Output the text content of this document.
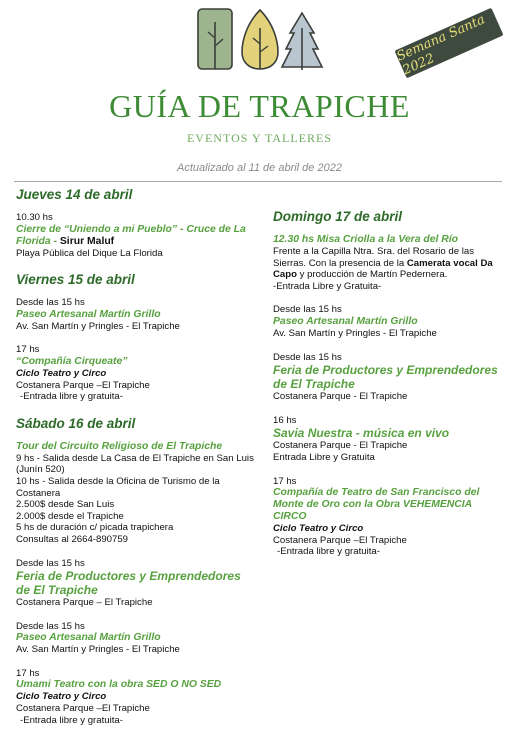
Semana Santa 2022
GUÍA DE TRAPICHE
EVENTOS Y TALLERES
Actualizado al 11 de abril de 2022
Jueves 14 de abril
10.30 hs
Cierre de “Uniendo a mi Pueblo” - Cruce de La Florida - Sirur Maluf
Playa Pública del Dique La Florida
Viernes 15 de abril
Desde las 15 hs
Paseo Artesanal Martín Grillo
Av. San Martín y Pringles - El Trapiche
17 hs
“Compañía Cirqueate”
Ciclo Teatro y Circo
Costanera Parque –El Trapiche
-Entrada libre y gratuita-
Sábado 16 de abril
Tour del Circuito Religioso de El Trapiche
9 hs - Salida desde La Casa de El Trapiche en San Luis (Junín 520)
10 hs - Salida desde la Oficina de Turismo de la Costanera
2.500$ desde San Luis
2.000$ desde el Trapiche
5 hs de duración c/ picada trapichera
Consultas al 2664-890759
Desde las 15 hs
Feria de Productores y Emprendedores de El Trapiche
Costanera Parque – El Trapiche
Desde las 15 hs
Paseo Artesanal Martín Grillo
Av. San Martín y Pringles - El Trapiche
17 hs
Umami Teatro con la obra SED O NO SED
Ciclo Teatro y Circo
Costanera Parque –El Trapiche
-Entrada libre y gratuita-
Domingo 17 de abril
12.30 hs Misa Criolla a la Vera del Río
Frente a la Capilla Ntra. Sra. del Rosario de las Sierras. Con la presencia de la Camerata vocal Da Capo y producción de Martín Pedernera.
-Entrada Libre y Gratuita-
Desde las 15 hs
Paseo Artesanal Martín Grillo
Av. San Martín y Pringles - El Trapiche
Desde las 15 hs
Feria de Productores y Emprendedores de El Trapiche
Costanera Parque - El Trapiche
16 hs
Savia Nuestra - música en vivo
Costanera Parque - El Trapiche
Entrada Libre y Gratuita
17 hs
Compañía de Teatro de San Francisco del Monte de Oro con la Obra VEHEMENCIA CIRCO
Ciclo Teatro y Circo
Costanera Parque –El Trapiche
-Entrada libre y gratuita-
